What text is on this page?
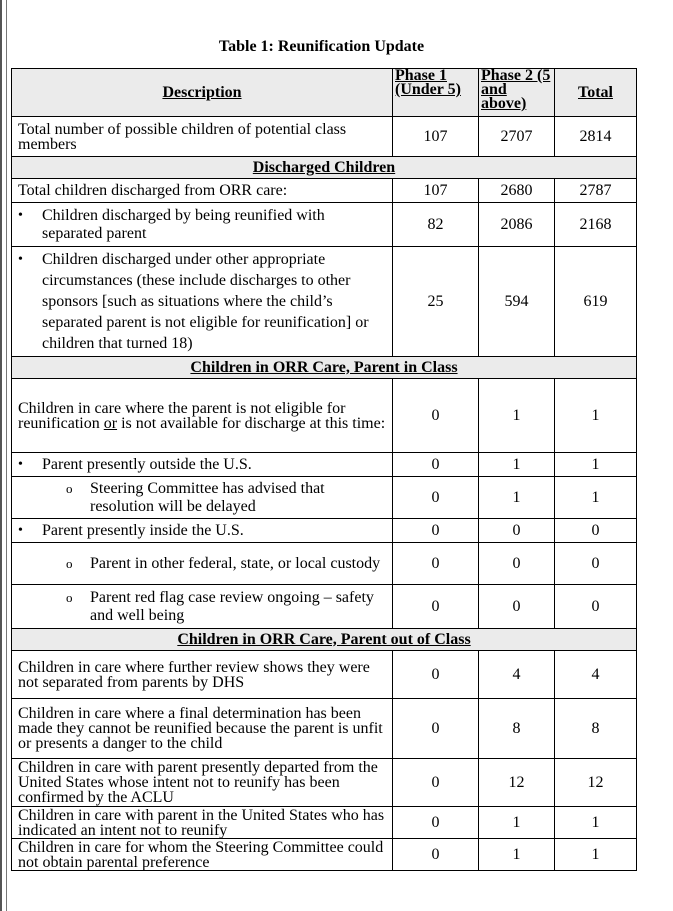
Table 1: Reunification Update
Description	Phase 1 (Under 5)	Phase 2 (5 and above)	Total
Total number of possible children of potential class members	107	2707	2814
Discharged Children			
Total children discharged from ORR care:	107	2680	2787

• Children discharged by being reunified with separated parent	82	2086	2168

• Children discharged under other appropriate circumstances (these include discharges to other sponsors [such as situations where the child’s separated parent is not eligible for reunification] or children that turned 18)	25	594	619
Children in ORR Care, Parent in Class			
Children in care where the parent is not eligible for reunification or is not available for discharge at this time:	0	1	1

• Parent presently outside the U.S.	0	1	1

o Steering Committee has advised that resolution will be delayed	0	1	1

• Parent presently inside the U.S.	0	0	0

o Parent in other federal, state, or local custody	0	0	0

o Parent red flag case review ongoing – safety and well being	0	0	0
Children in ORR Care, Parent out of Class			
Children in care where further review shows they were not separated from parents by DHS	0	4	4
Children in care where a final determination has been made they cannot be reunified because the parent is unfit or presents a danger to the child	0	8	8
Children in care with parent presently departed from the United States whose intent not to reunify has been confirmed by the ACLU	0	12	12
Children in care with parent in the United States who has indicated an intent not to reunify	0	1	1
Children in care for whom the Steering Committee could not obtain parental preference	0	1	1
